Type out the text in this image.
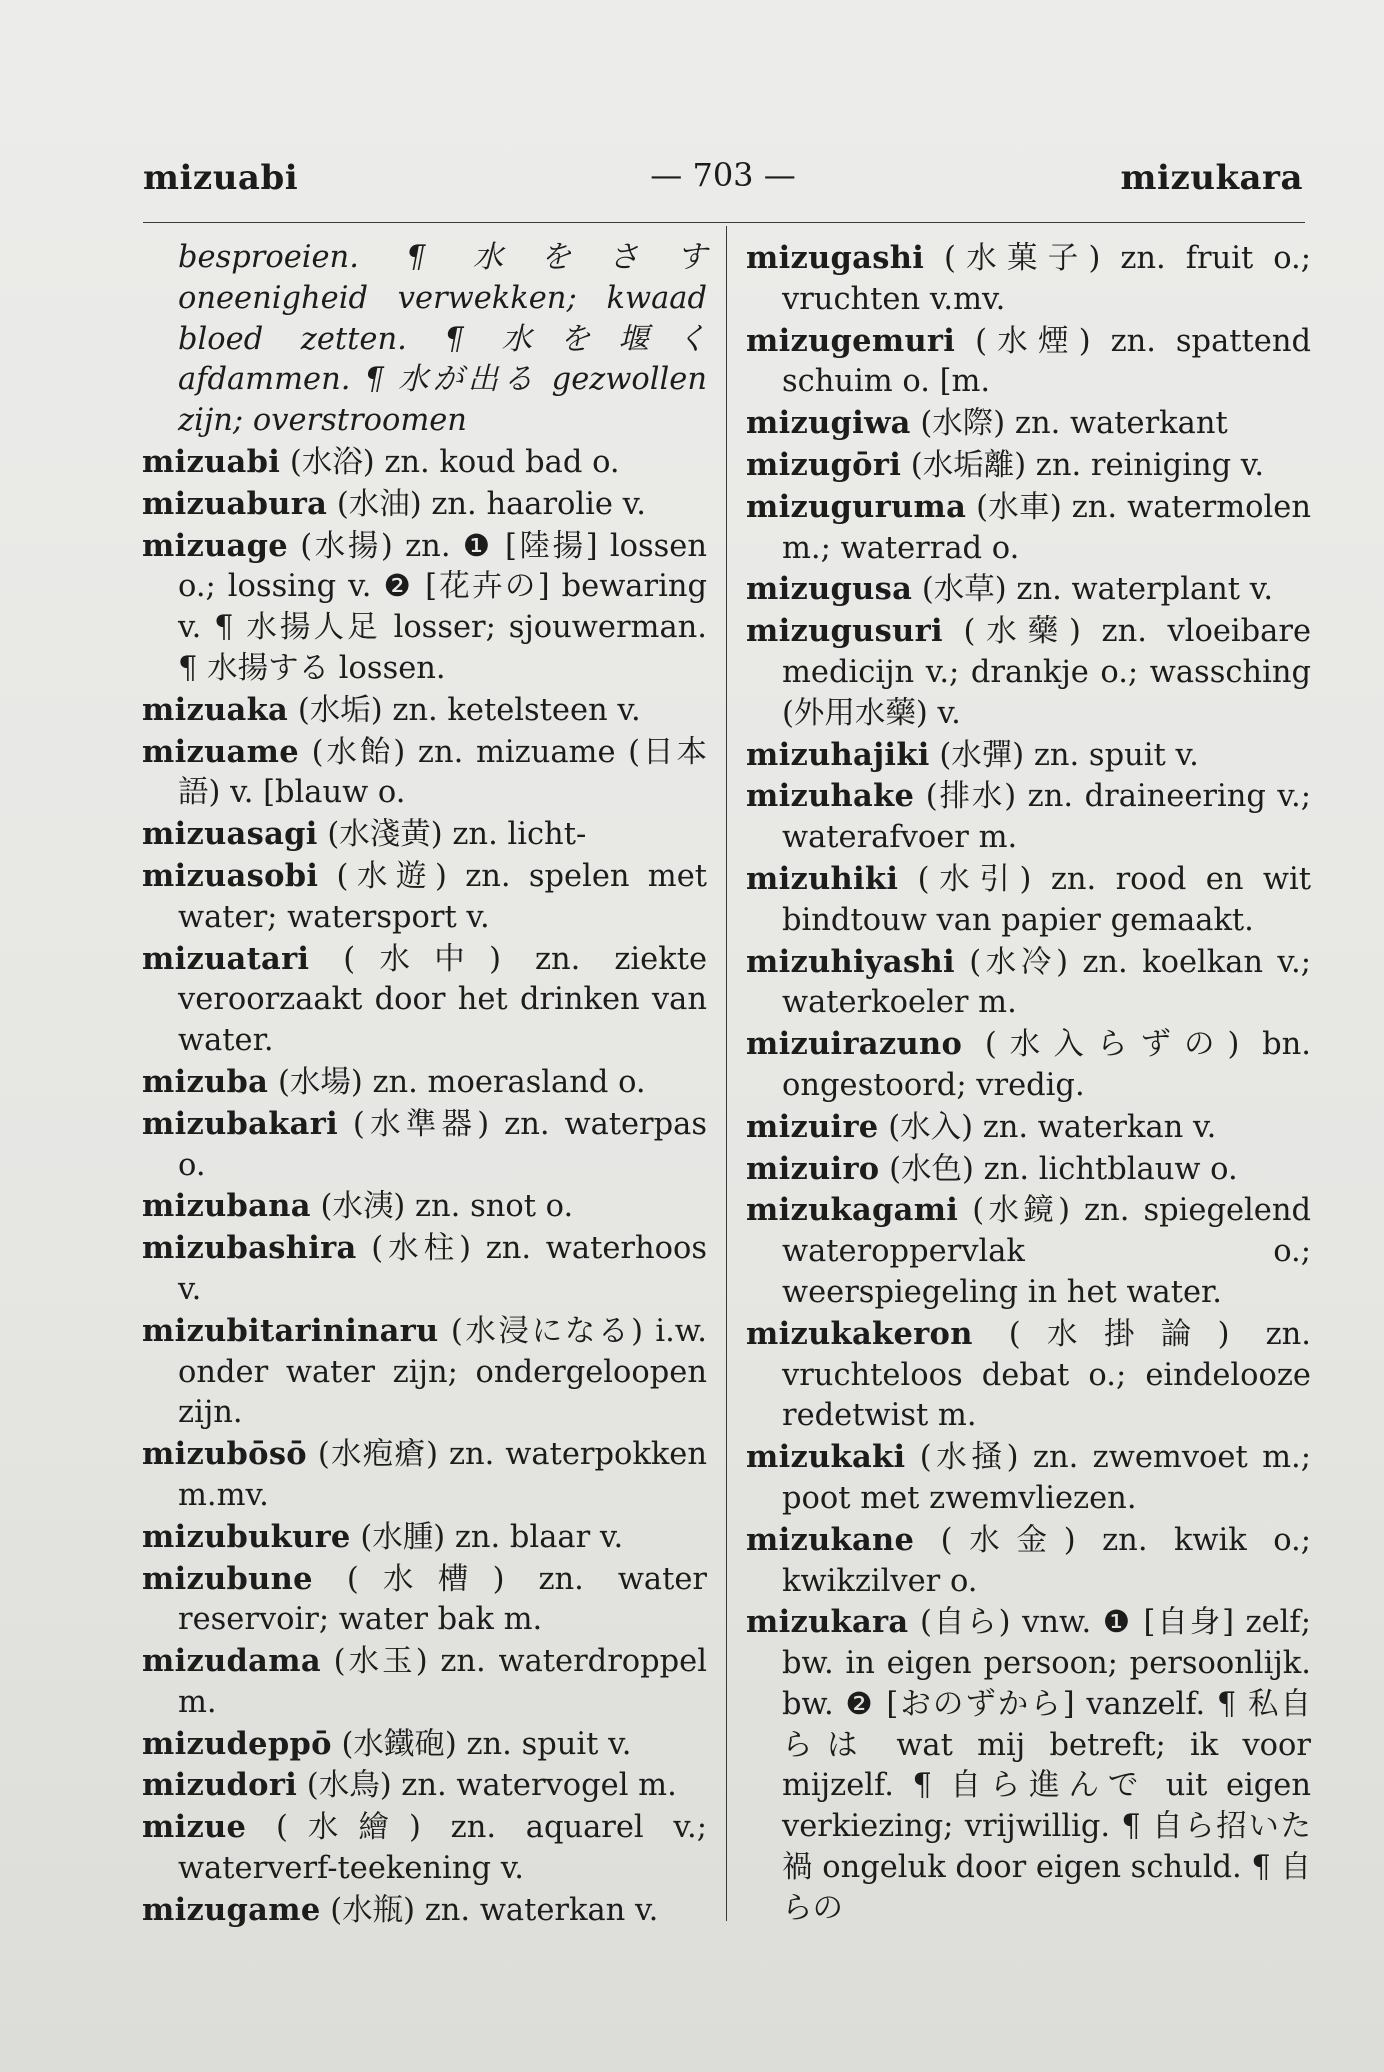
mizuabi	— 703 —	mizukara

besproeien. ¶ 水をさす oneenigheid verwekken; kwaad bloed zetten. ¶ 水を堰く afdammen. ¶ 水が出る gezwollen zijn; overstroomen

mizuabi (水浴) zn. koud bad o.

mizuabura (水油) zn. haarolie v.

mizuage (水揚) zn. ❶ [陸揚] lossen o.; lossing v. ❷ [花卉の] bewaring v. ¶ 水揚人足 losser; sjouwerman. ¶ 水揚する lossen.

mizuaka (水垢) zn. ketelsteen v.

mizuame (水飴) zn. mizuame (日本語) v. [blauw o.

mizuasagi (水淺黄) zn. licht-

mizuasobi (水遊) zn. spelen met water; watersport v.

mizuatari (水中) zn. ziekte veroorzaakt door het drinken van water.

mizuba (水場) zn. moerasland o.

mizubakari (水準器) zn. waterpas o.

mizubana (水洟) zn. snot o.

mizubashira (水柱) zn. waterhoos v.

mizubitarininaru (水浸になる) i.w. onder water zijn; ondergeloopen zijn.

mizubōsō (水疱瘡) zn. waterpokken m.mv.

mizubukure (水腫) zn. blaar v.

mizubune (水槽) zn. water reservoir; water bak m.

mizudama (水玉) zn. waterdroppel m.

mizudeppō (水鐵砲) zn. spuit v.

mizudori (水鳥) zn. watervogel m.

mizue (水繪) zn. aquarel v.; waterverf-teekening v.

mizugame (水瓶) zn. waterkan v.

mizugashi (水菓子) zn. fruit o.; vruchten v.mv.

mizugemuri (水煙) zn. spattend schuim o. [m.

mizugiwa (水際) zn. waterkant

mizugōri (水垢離) zn. reiniging v.

mizuguruma (水車) zn. watermolen m.; waterrad o.

mizugusa (水草) zn. waterplant v.

mizugusuri (水藥) zn. vloeibare medicijn v.; drankje o.; wassching (外用水藥) v.

mizuhajiki (水彈) zn. spuit v.

mizuhake (排水) zn. draineering v.; waterafvoer m.

mizuhiki (水引) zn. rood en wit bindtouw van papier gemaakt.

mizuhiyashi (水冷) zn. koelkan v.; waterkoeler m.

mizuirazuno (水入らずの) bn. ongestoord; vredig.

mizuire (水入) zn. waterkan v.

mizuiro (水色) zn. lichtblauw o.

mizukagami (水鏡) zn. spiegelend wateroppervlak o.; weerspiegeling in het water.

mizukakeron (水掛論) zn. vruchteloos debat o.; eindelooze redetwist m.

mizukaki (水掻) zn. zwemvoet m.; poot met zwemvliezen.

mizukane (水金) zn. kwik o.; kwikzilver o.

mizukara (自ら) vnw. ❶ [自身] zelf; bw. in eigen persoon; persoonlijk. bw. ❷ [おのずから] vanzelf. ¶ 私自らは wat mij betreft; ik voor mijzelf. ¶ 自ら進んで uit eigen verkiezing; vrijwillig. ¶ 自ら招いた禍 ongeluk door eigen schuld. ¶ 自らの
